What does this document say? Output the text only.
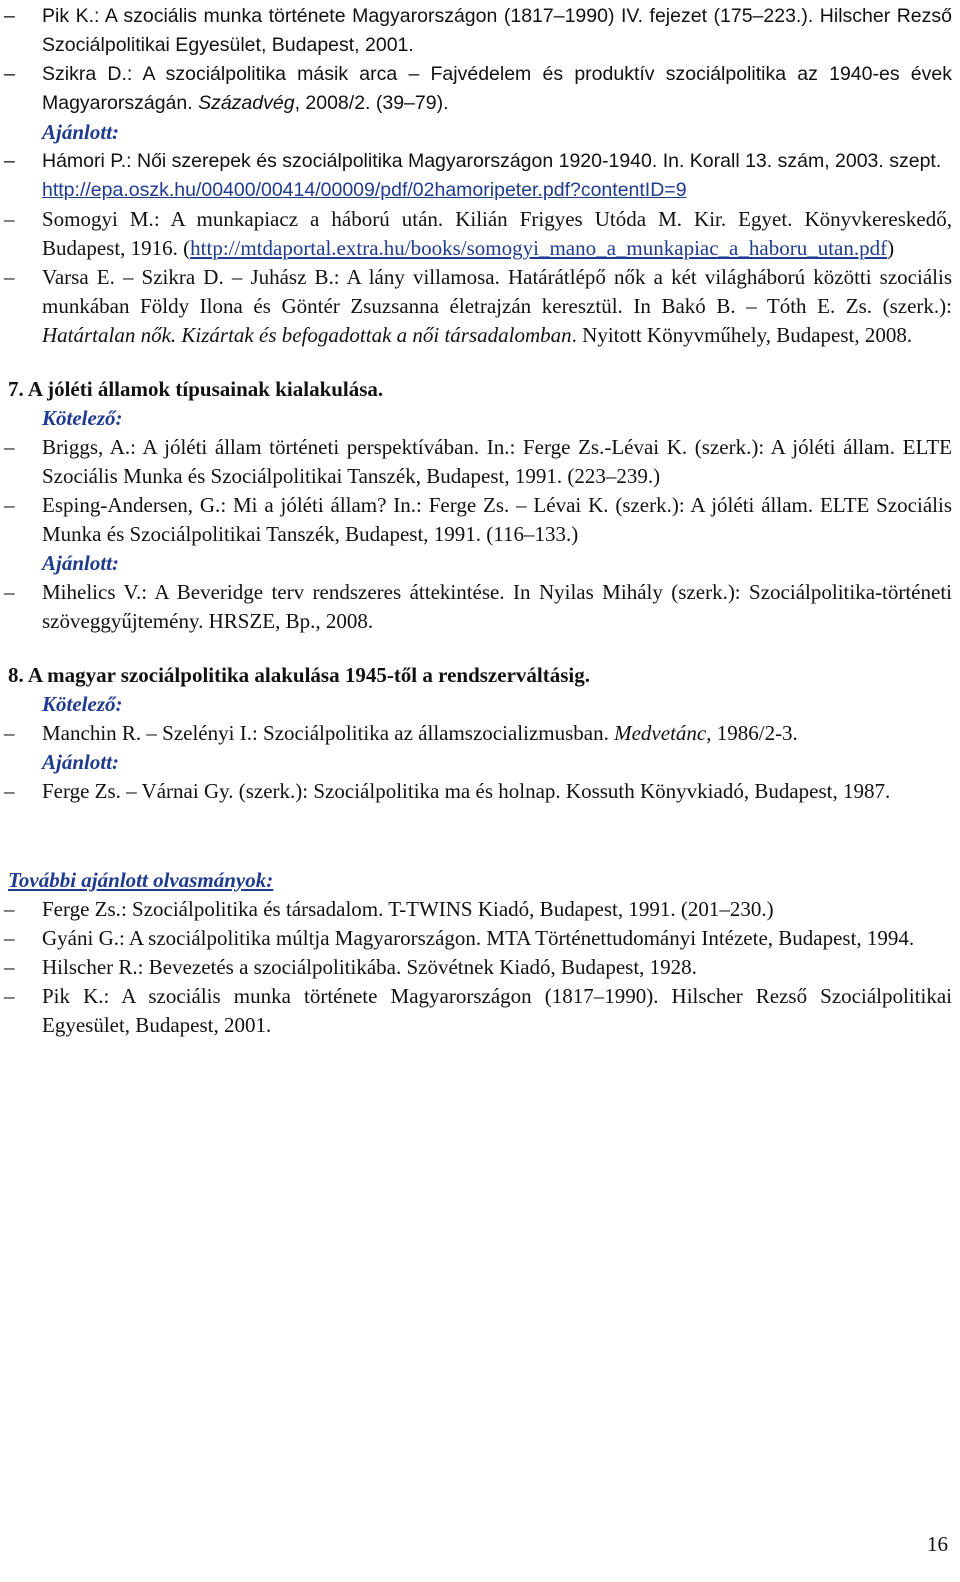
– Pik K.: A szociális munka története Magyarországon (1817–1990) IV. fejezet (175–223.). Hilscher Rezső Szociálpolitikai Egyesület, Budapest, 2001.
– Szikra D.: A szociálpolitika másik arca – Fajvédelem és produktív szociálpolitika az 1940-es évek Magyarországán. Századvég, 2008/2. (39–79).
Ajánlott:
– Hámori P.: Női szerepek és szociálpolitika Magyarországon 1920-1940. In. Korall 13. szám, 2003. szept.
http://epa.oszk.hu/00400/00414/00009/pdf/02hamoripeter.pdf?contentID=9
– Somogyi M.: A munkapiacz a háború után. Kilián Frigyes Utóda M. Kir. Egyet. Könyvkereskedő, Budapest, 1916. (http://mtdaportal.extra.hu/books/somogyi_mano_a_munkapiac_a_haboru_utan.pdf)
– Varsa E. – Szikra D. – Juhász B.: A lány villamosa. Határátlépő nők a két világháború közötti szociális munkában Földy Ilona és Göntér Zsuzsanna életrajzán keresztül. In Bakó B. – Tóth E. Zs. (szerk.): Határtalan nők. Kizártak és befogadottak a női társadalomban. Nyitott Könyvműhely, Budapest, 2008.
7. A jóléti államok típusainak kialakulása.
Kötelező:
– Briggs, A.: A jóléti állam történeti perspektívában. In.: Ferge Zs.-Lévai K. (szerk.): A jóléti állam. ELTE Szociális Munka és Szociálpolitikai Tanszék, Budapest, 1991. (223–239.)
– Esping-Andersen, G.: Mi a jóléti állam? In.: Ferge Zs. – Lévai K. (szerk.): A jóléti állam. ELTE Szociális Munka és Szociálpolitikai Tanszék, Budapest, 1991. (116–133.)
Ajánlott:
– Mihelics V.: A Beveridge terv rendszeres áttekintése. In Nyilas Mihály (szerk.): Szociálpolitika-történeti szöveggyűjtemény. HRSZE, Bp., 2008.
8. A magyar szociálpolitika alakulása 1945-től a rendszerváltásig.
Kötelező:
– Manchin R. – Szelényi I.: Szociálpolitika az államszocializmusban. Medvetánc, 1986/2-3.
Ajánlott:
– Ferge Zs. – Várnai Gy. (szerk.): Szociálpolitika ma és holnap. Kossuth Könyvkiadó, Budapest, 1987.
További ajánlott olvasmányok:
– Ferge Zs.: Szociálpolitika és társadalom. T-TWINS Kiadó, Budapest, 1991. (201–230.)
– Gyáni G.: A szociálpolitika múltja Magyarországon. MTA Történettudományi Intézete, Budapest, 1994.
– Hilscher R.: Bevezetés a szociálpolitikába. Szövétnek Kiadó, Budapest, 1928.
– Pik K.: A szociális munka története Magyarországon (1817–1990). Hilscher Rezső Szociálpolitikai Egyesület, Budapest, 2001.
16
